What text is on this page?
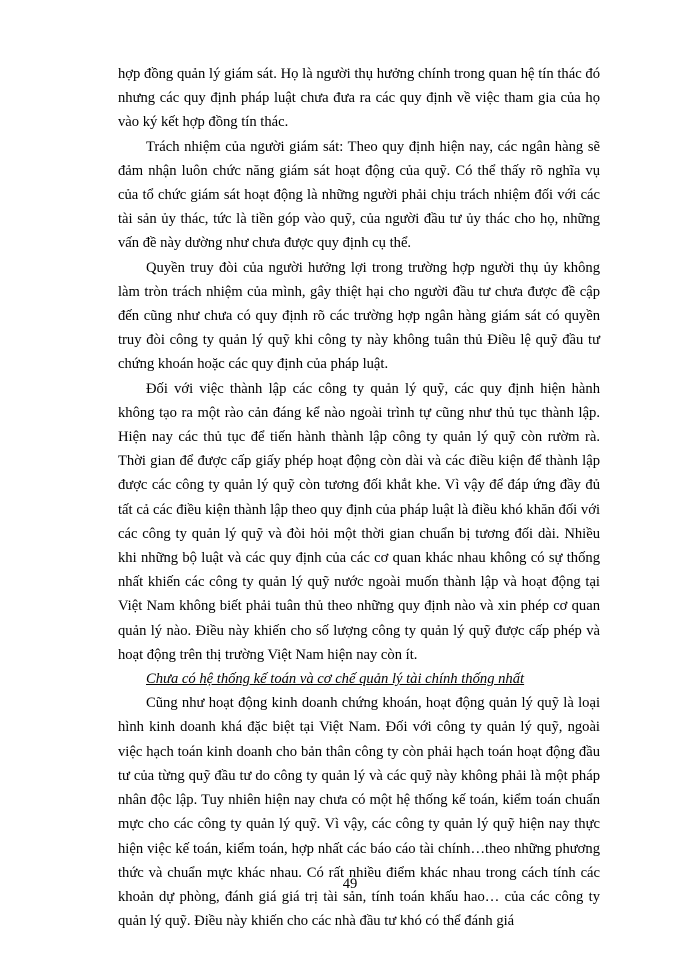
hợp đồng quản lý giám sát. Họ là người thụ hưởng chính trong quan hệ tín thác đó nhưng các quy định pháp luật chưa đưa ra các quy định về việc tham gia của họ vào ký kết hợp đồng tín thác.

Trách nhiệm của người giám sát: Theo quy định hiện nay, các ngân hàng sẽ đảm nhận luôn chức năng giám sát hoạt động của quỹ. Có thể thấy rõ nghĩa vụ của tổ chức giám sát hoạt động là những người phải chịu trách nhiệm đối với các tài sản ủy thác, tức là tiền góp vào quỹ, của người đầu tư ủy thác cho họ, những vấn đề này dường như chưa được quy định cụ thể.

Quyền truy đòi của người hưởng lợi trong trường hợp người thụ ủy không làm tròn trách nhiệm của mình, gây thiệt hại cho người đầu tư chưa được đề cập đến cũng như chưa có quy định rõ các trường hợp ngân hàng giám sát có quyền truy đòi công ty quản lý quỹ khi công ty này không tuân thủ Điều lệ quỹ đầu tư chứng khoán hoặc các quy định của pháp luật.

Đối với việc thành lập các công ty quản lý quỹ, các quy định hiện hành không tạo ra một rào cản đáng kể nào ngoài trình tự cũng như thủ tục thành lập. Hiện nay các thủ tục để tiến hành thành lập công ty quản lý quỹ còn rườm rà. Thời gian để được cấp giấy phép hoạt động còn dài và các điều kiện để thành lập được các công ty quản lý quỹ còn tương đối khắt khe. Vì vậy để đáp ứng đầy đủ tất cả các điều kiện thành lập theo quy định của pháp luật là điều khó khăn đối với các công ty quản lý quỹ và đòi hỏi một thời gian chuẩn bị tương đối dài. Nhiều khi những bộ luật và các quy định của các cơ quan khác nhau không có sự thống nhất khiến các công ty quản lý quỹ nước ngoài muốn thành lập và hoạt động tại Việt Nam không biết phải tuân thủ theo những quy định nào và xin phép cơ quan quản lý nào. Điều này khiến cho số lượng công ty quản lý quỹ được cấp phép và hoạt động trên thị trường Việt Nam hiện nay còn ít.

Chưa có hệ thống kế toán và cơ chế quản lý tài chính thống nhất

Cũng như hoạt động kinh doanh chứng khoán, hoạt động quản lý quỹ là loại hình kinh doanh khá đặc biệt tại Việt Nam. Đối với công ty quản lý quỹ, ngoài việc hạch toán kinh doanh cho bản thân công ty còn phải hạch toán hoạt động đầu tư của từng quỹ đầu tư do công ty quản lý và các quỹ này không phải là một pháp nhân độc lập. Tuy nhiên hiện nay chưa có một hệ thống kế toán, kiểm toán chuẩn mực cho các công ty quản lý quỹ. Vì vậy, các công ty quản lý quỹ hiện nay thực hiện việc kế toán, kiểm toán, hợp nhất các báo cáo tài chính…theo những phương thức và chuẩn mực khác nhau. Có rất nhiều điểm khác nhau trong cách tính các khoản dự phòng, đánh giá giá trị tài sản, tính toán khấu hao… của các công ty quản lý quỹ. Điều này khiến cho các nhà đầu tư khó có thể đánh giá

49
